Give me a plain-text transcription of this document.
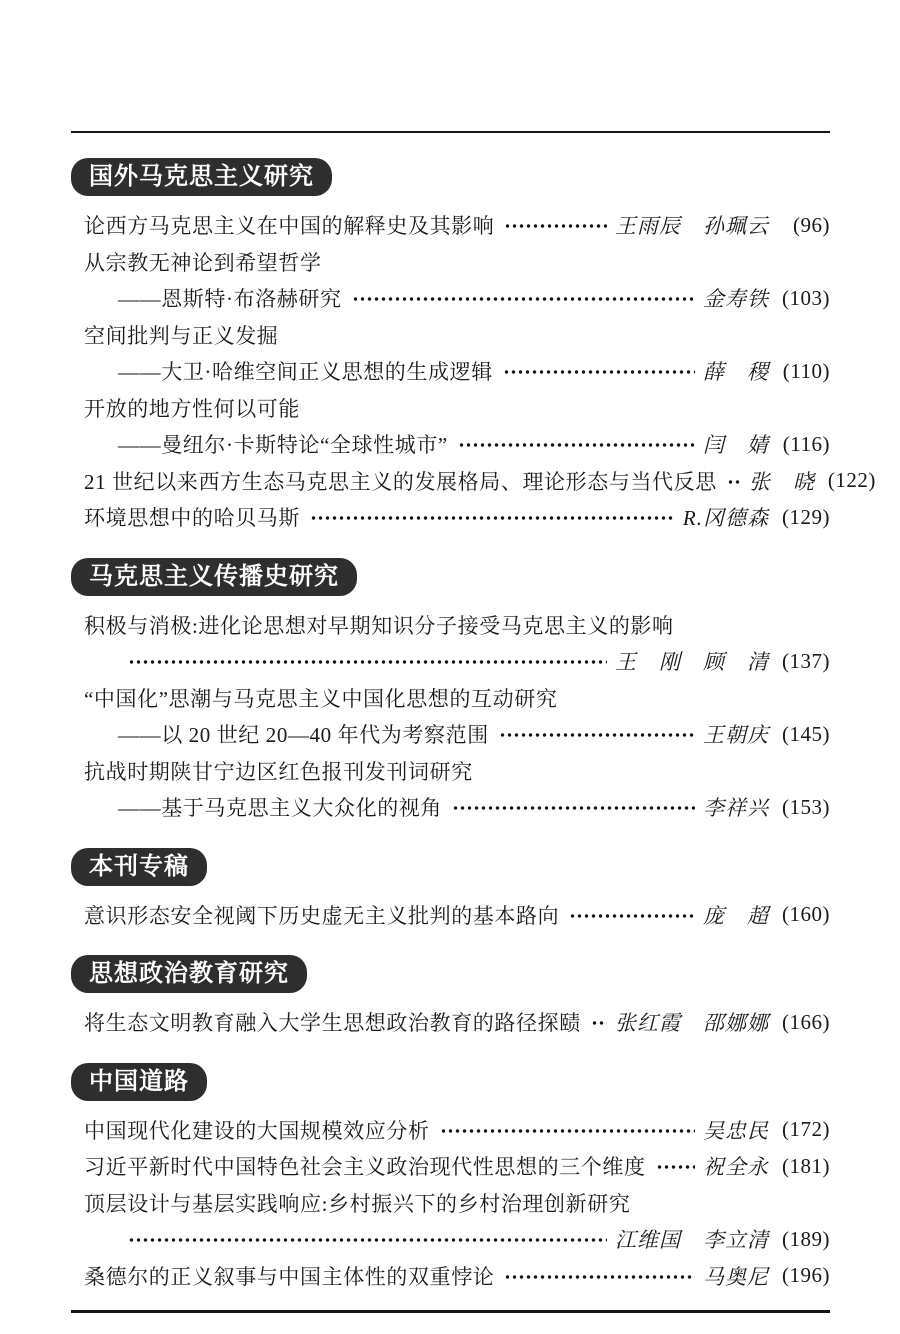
国外马克思主义研究
论西方马克思主义在中国的解释史及其影响	王雨辰　孙珮云	(96)
从宗教无神论到希望哲学
——恩斯特·布洛赫研究	金寿铁 (103)
空间批判与正义发掘
——大卫·哈维空间正义思想的生成逻辑	薛　稷 (110)
开放的地方性何以可能
——曼纽尔·卡斯特论“全球性城市”	闫　婧 (116)
21 世纪以来西方生态马克思主义的发展格局、理论形态与当代反思 张　晓 (122)
环境思想中的哈贝马斯	R.冈德森 (129)
马克思主义传播史研究
积极与消极:进化论思想对早期知识分子接受马克思主义的影响
王　刚　顾　清 (137)
“中国化”思潮与马克思主义中国化思想的互动研究
——以 20 世纪 20—40 年代为考察范围	王朝庆 (145)
抗战时期陕甘宁边区红色报刊发刊词研究
——基于马克思主义大众化的视角	李祥兴 (153)
本刊专稿
意识形态安全视阈下历史虚无主义批判的基本路向	庞　超 (160)
思想政治教育研究
将生态文明教育融入大学生思想政治教育的路径探赜 张红霞　邵娜娜 (166)
中国道路
中国现代化建设的大国规模效应分析	吴忠民 (172)
习近平新时代中国特色社会主义政治现代性思想的三个维度	祝全永 (181)
顶层设计与基层实践响应:乡村振兴下的乡村治理创新研究
江维国　李立清 (189)
桑德尔的正义叙事与中国主体性的双重悖论	马奥尼 (196)
